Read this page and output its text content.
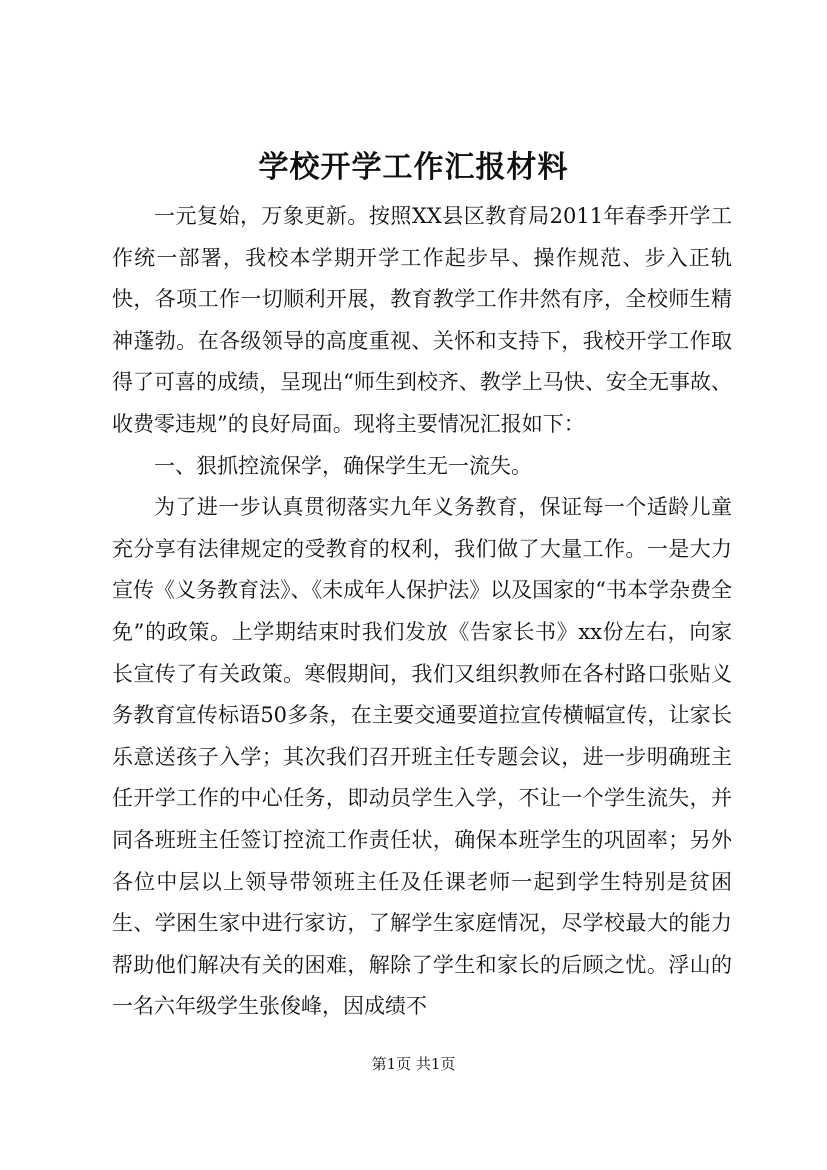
学校开学工作汇报材料

一元复始，万象更新。按照XX县区教育局2011年春季开学工作统一部署，我校本学期开学工作起步早、操作规范、步入正轨快，各项工作一切顺利开展，教育教学工作井然有序，全校师生精神蓬勃。在各级领导的高度重视、关怀和支持下，我校开学工作取得了可喜的成绩，呈现出“师生到校齐、教学上马快、安全无事故、收费零违规”的良好局面。现将主要情况汇报如下：

一、狠抓控流保学，确保学生无一流失。

为了进一步认真贯彻落实九年义务教育，保证每一个适龄儿童充分享有法律规定的受教育的权利，我们做了大量工作。一是大力宣传《义务教育法》、《未成年人保护法》以及国家的“书本学杂费全免”的政策。上学期结束时我们发放《告家长书》xx份左右，向家长宣传了有关政策。寒假期间，我们又组织教师在各村路口张贴义务教育宣传标语50多条，在主要交通要道拉宣传横幅宣传，让家长乐意送孩子入学；其次我们召开班主任专题会议，进一步明确班主任开学工作的中心任务，即动员学生入学，不让一个学生流失，并同各班班主任签订控流工作责任状，确保本班学生的巩固率；另外各位中层以上领导带领班主任及任课老师一起到学生特别是贫困生、学困生家中进行家访，了解学生家庭情况，尽学校最大的能力帮助他们解决有关的困难，解除了学生和家长的后顾之忧。浮山的一名六年级学生张俊峰，因成绩不

第1页 共1页
